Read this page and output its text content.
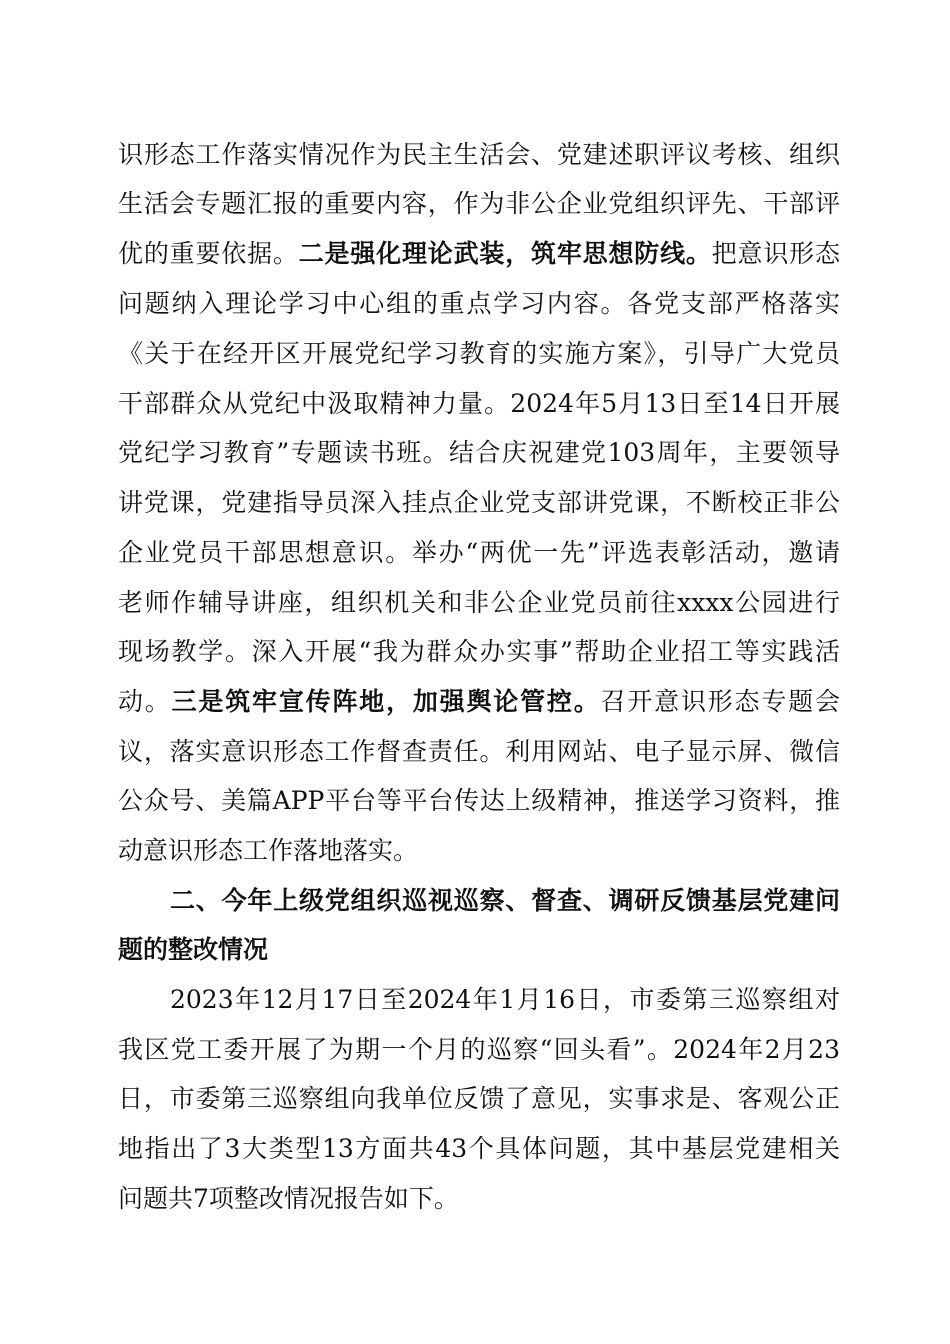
识形态工作落实情况作为民主生活会、党建述职评议考核、组织
生活会专题汇报的重要内容，作为非公企业党组织评先、干部评
优的重要依据。二是强化理论武装，筑牢思想防线。把意识形态
问题纳入理论学习中心组的重点学习内容。各党支部严格落实
《关于在经开区开展党纪学习教育的实施方案》，引导广大党员
干部群众从党纪中汲取精神力量。2024年5月13日至14日开展
党纪学习教育”专题读书班。结合庆祝建党103周年，主要领导
讲党课，党建指导员深入挂点企业党支部讲党课，不断校正非公
企业党员干部思想意识。举办“两优一先”评选表彰活动，邀请
老师作辅导讲座，组织机关和非公企业党员前往xxxx公园进行
现场教学。深入开展“我为群众办实事”帮助企业招工等实践活
动。三是筑牢宣传阵地，加强舆论管控。召开意识形态专题会
议，落实意识形态工作督查责任。利用网站、电子显示屏、微信
公众号、美篇APP平台等平台传达上级精神，推送学习资料，推
动意识形态工作落地落实。
二、今年上级党组织巡视巡察、督查、调研反馈基层党建问
题的整改情况
2023年12月17日至2024年1月16日，市委第三巡察组对
我区党工委开展了为期一个月的巡察“回头看”。2024年2月23
日，市委第三巡察组向我单位反馈了意见，实事求是、客观公正
地指出了3大类型13方面共43个具体问题，其中基层党建相关
问题共7项整改情况报告如下。
